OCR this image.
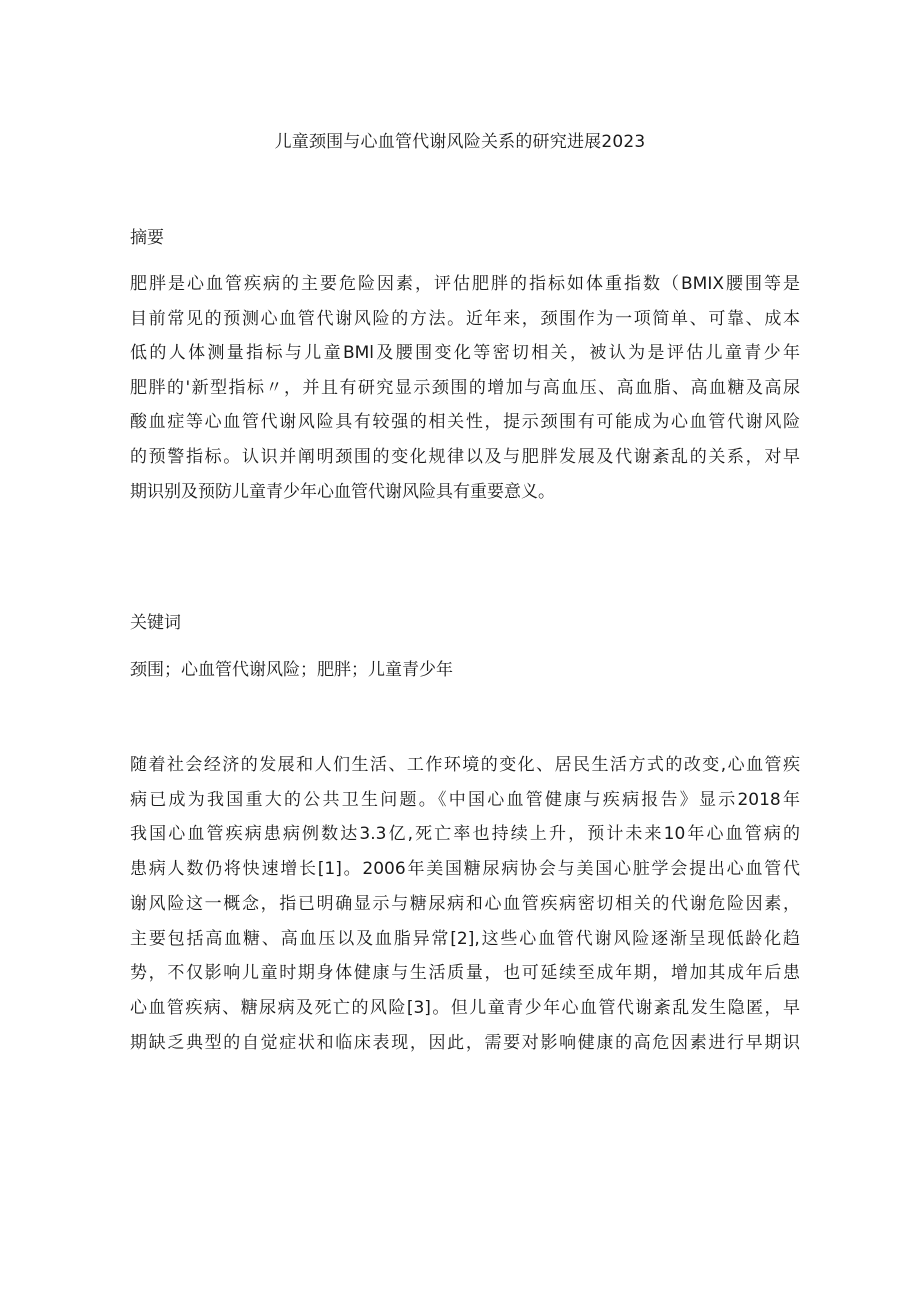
儿童颈围与心血管代谢风险关系的研究进展2023
摘要
肥胖是心血管疾病的主要危险因素，评估肥胖的指标如体重指数（BMIX腰围等是
目前常见的预测心血管代谢风险的方法。近年来，颈围作为一项简单、可靠、成本
低的人体测量指标与儿童BMl及腰围变化等密切相关，被认为是评估儿童青少年
肥胖的'新型指标〃，并且有研究显示颈围的增加与高血压、高血脂、高血糖及高尿
酸血症等心血管代谢风险具有较强的相关性，提示颈围有可能成为心血管代谢风险
的预警指标。认识并阐明颈围的变化规律以及与肥胖发展及代谢紊乱的关系，对早
期识别及预防儿童青少年心血管代谢风险具有重要意义。
关键词
颈围；心血管代谢风险；肥胖；儿童青少年
随着社会经济的发展和人们生活、工作环境的变化、居民生活方式的改变,心血管疾
病已成为我国重大的公共卫生问题。《中国心血管健康与疾病报告》显示2018年
我国心血管疾病患病例数达3.3亿,死亡率也持续上升，预计未来10年心血管病的
患病人数仍将快速增长[1]。2006年美国糖尿病协会与美国心脏学会提出心血管代
谢风险这一概念，指已明确显示与糖尿病和心血管疾病密切相关的代谢危险因素，
主要包括高血糖、高血压以及血脂异常[2],这些心血管代谢风险逐渐呈现低龄化趋
势，不仅影响儿童时期身体健康与生活质量，也可延续至成年期，增加其成年后患
心血管疾病、糖尿病及死亡的风险[3]。但儿童青少年心血管代谢紊乱发生隐匿，早
期缺乏典型的自觉症状和临床表现，因此，需要对影响健康的高危因素进行早期识
